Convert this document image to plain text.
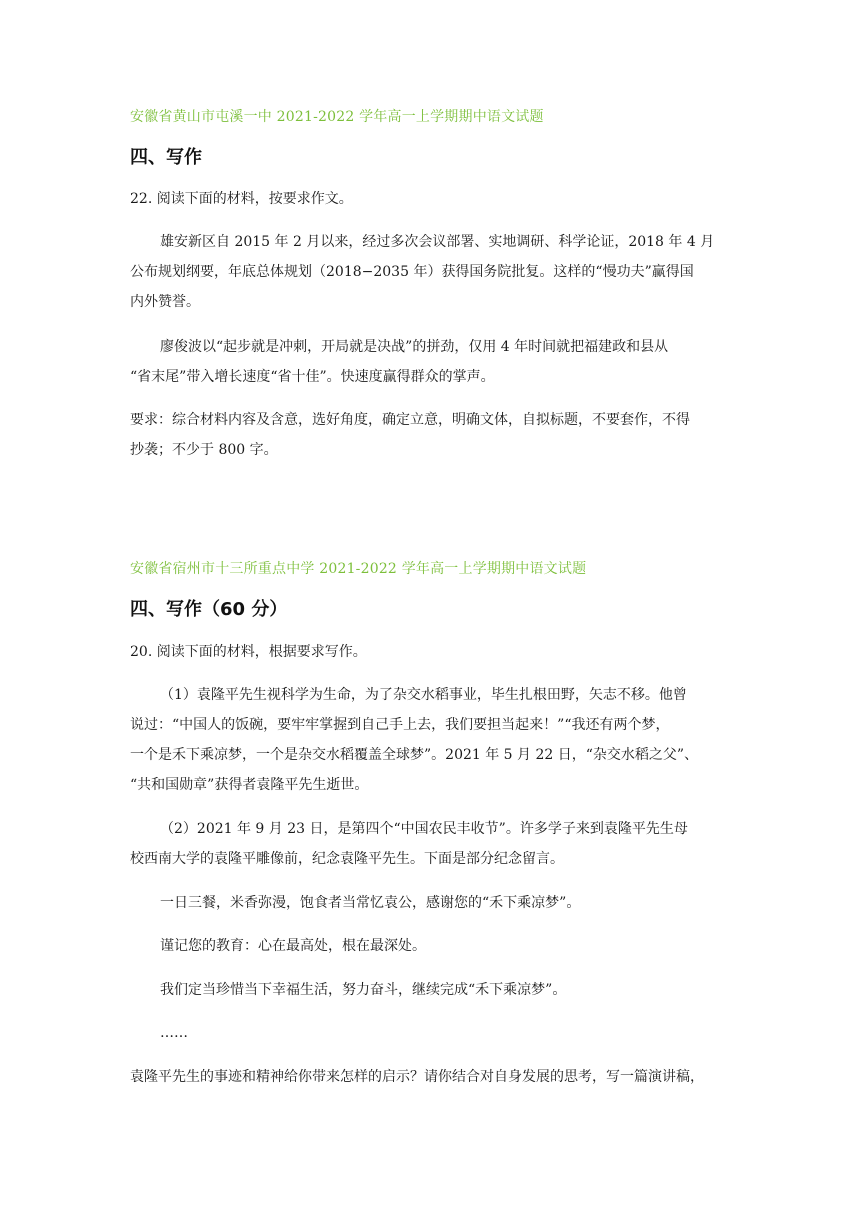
安徽省黄山市屯溪一中 2021-2022 学年高一上学期期中语文试题
四、写作
22. 阅读下面的材料，按要求作文。
雄安新区自 2015 年 2 月以来，经过多次会议部署、实地调研、科学论证，2018 年 4 月
公布规划纲要，年底总体规划（2018−2035 年）获得国务院批复。这样的“慢功夫”赢得国
内外赞誉。
廖俊波以“起步就是冲刺，开局就是决战”的拼劲，仅用 4 年时间就把福建政和县从
“省末尾”带入增长速度“省十佳”。快速度赢得群众的掌声。
要求：综合材料内容及含意，选好角度，确定立意，明确文体，自拟标题，不要套作，不得
抄袭；不少于 800 字。
安徽省宿州市十三所重点中学 2021-2022 学年高一上学期期中语文试题
四、写作（60 分）
20. 阅读下面的材料，根据要求写作。
（1）袁隆平先生视科学为生命，为了杂交水稻事业，毕生扎根田野，矢志不移。他曾
说过：“中国人的饭碗，要牢牢掌握到自己手上去，我们要担当起来！”“我还有两个梦，
一个是禾下乘凉梦，一个是杂交水稻覆盖全球梦”。2021 年 5 月 22 日，“杂交水稻之父”、
“共和国勋章”获得者袁隆平先生逝世。
（2）2021 年 9 月 23 日，是第四个“中国农民丰收节”。许多学子来到袁隆平先生母
校西南大学的袁隆平雕像前，纪念袁隆平先生。下面是部分纪念留言。
一日三餐，米香弥漫，饱食者当常忆袁公，感谢您的“禾下乘凉梦”。
谨记您的教育：心在最高处，根在最深处。
我们定当珍惜当下幸福生活，努力奋斗，继续完成“禾下乘凉梦”。
……
袁隆平先生的事迹和精神给你带来怎样的启示？请你结合对自身发展的思考，写一篇演讲稿，
